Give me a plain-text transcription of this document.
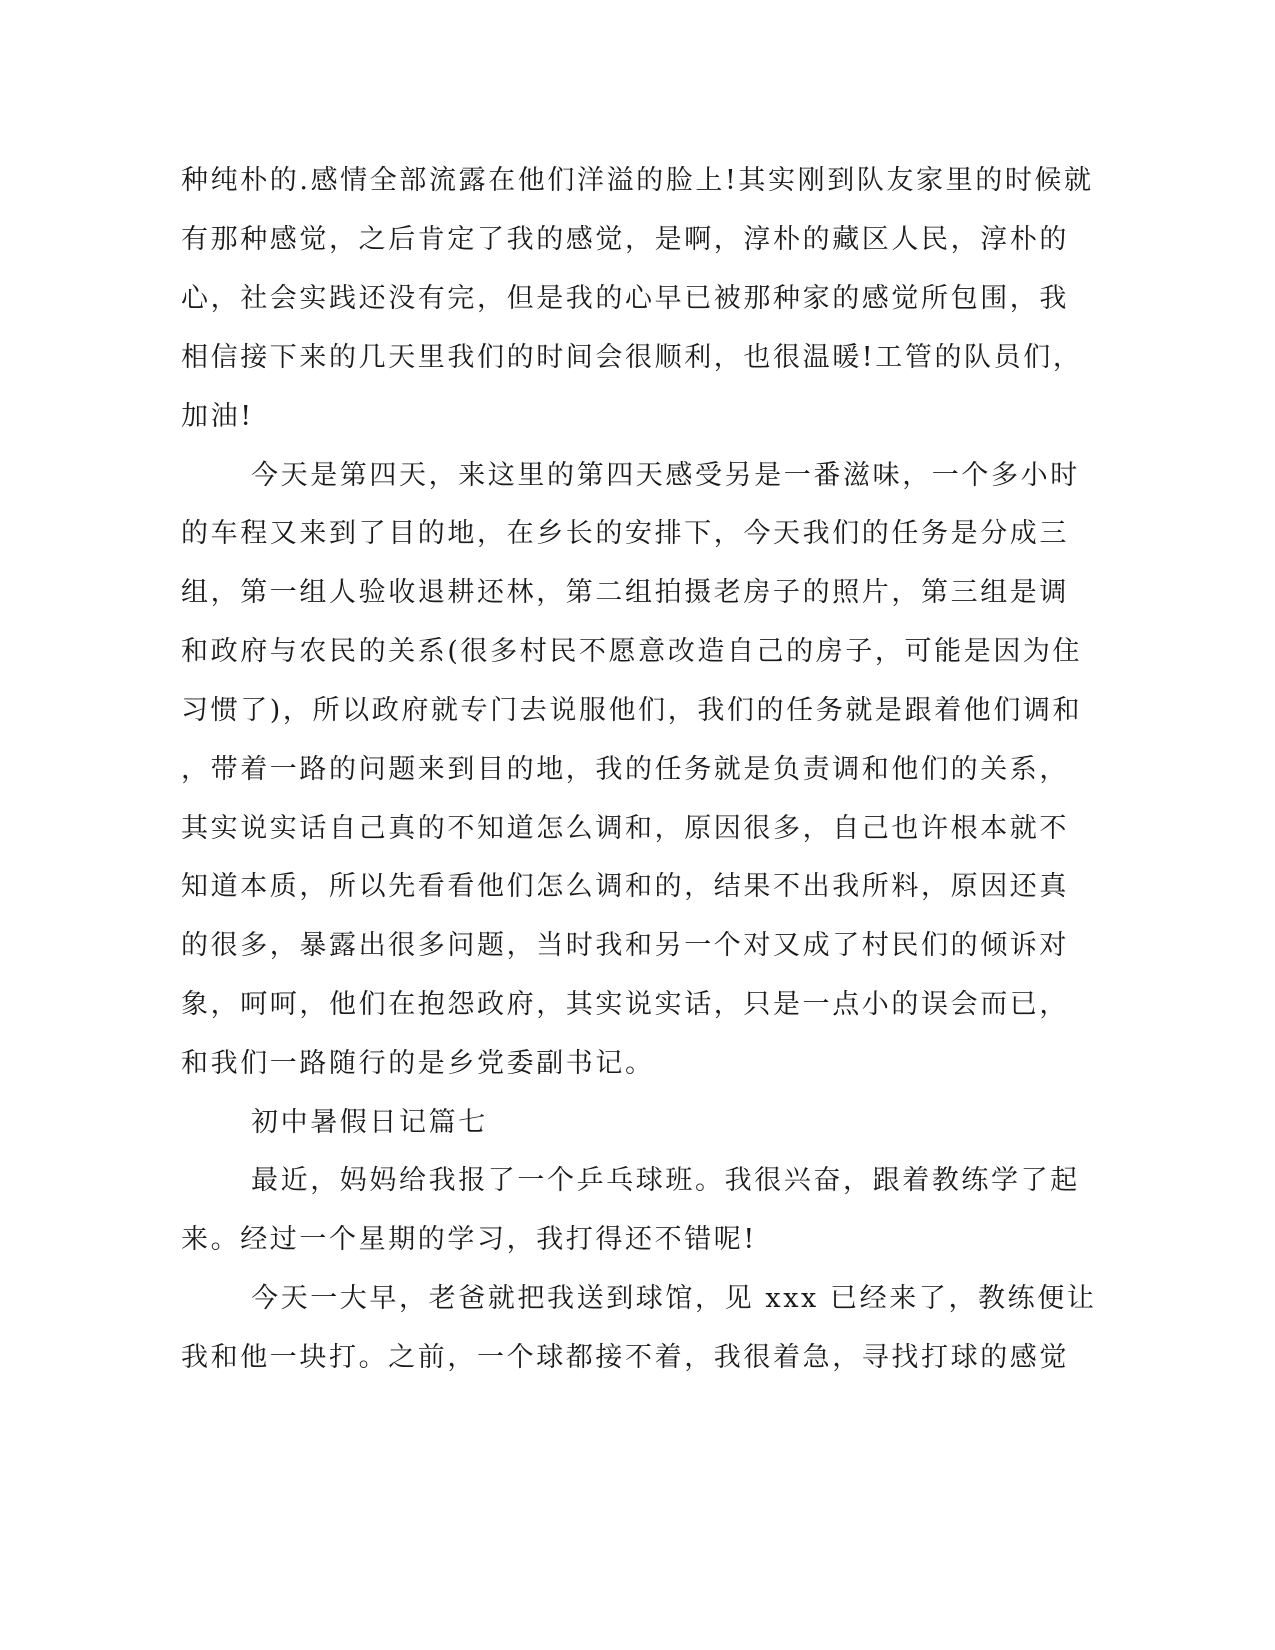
种纯朴的.感情全部流露在他们洋溢的脸上!其实刚到队友家里的时候就
有那种感觉，之后肯定了我的感觉，是啊，淳朴的藏区人民，淳朴的
心，社会实践还没有完，但是我的心早已被那种家的感觉所包围，我
相信接下来的几天里我们的时间会很顺利，也很温暖!工管的队员们，
加油!
今天是第四天，来这里的第四天感受另是一番滋味，一个多小时
的车程又来到了目的地，在乡长的安排下，今天我们的任务是分成三
组，第一组人验收退耕还林，第二组拍摄老房子的照片，第三组是调
和政府与农民的关系(很多村民不愿意改造自己的房子，可能是因为住
习惯了)，所以政府就专门去说服他们，我们的任务就是跟着他们调和
，带着一路的问题来到目的地，我的任务就是负责调和他们的关系，
其实说实话自己真的不知道怎么调和，原因很多，自己也许根本就不
知道本质，所以先看看他们怎么调和的，结果不出我所料，原因还真
的很多，暴露出很多问题，当时我和另一个对又成了村民们的倾诉对
象，呵呵，他们在抱怨政府，其实说实话，只是一点小的误会而已，
和我们一路随行的是乡党委副书记。
初中暑假日记篇七
最近，妈妈给我报了一个乒乓球班。我很兴奋，跟着教练学了起
来。经过一个星期的学习，我打得还不错呢!
今天一大早，老爸就把我送到球馆，见 xxx 已经来了，教练便让
我和他一块打。之前，一个球都接不着，我很着急，寻找打球的感觉
